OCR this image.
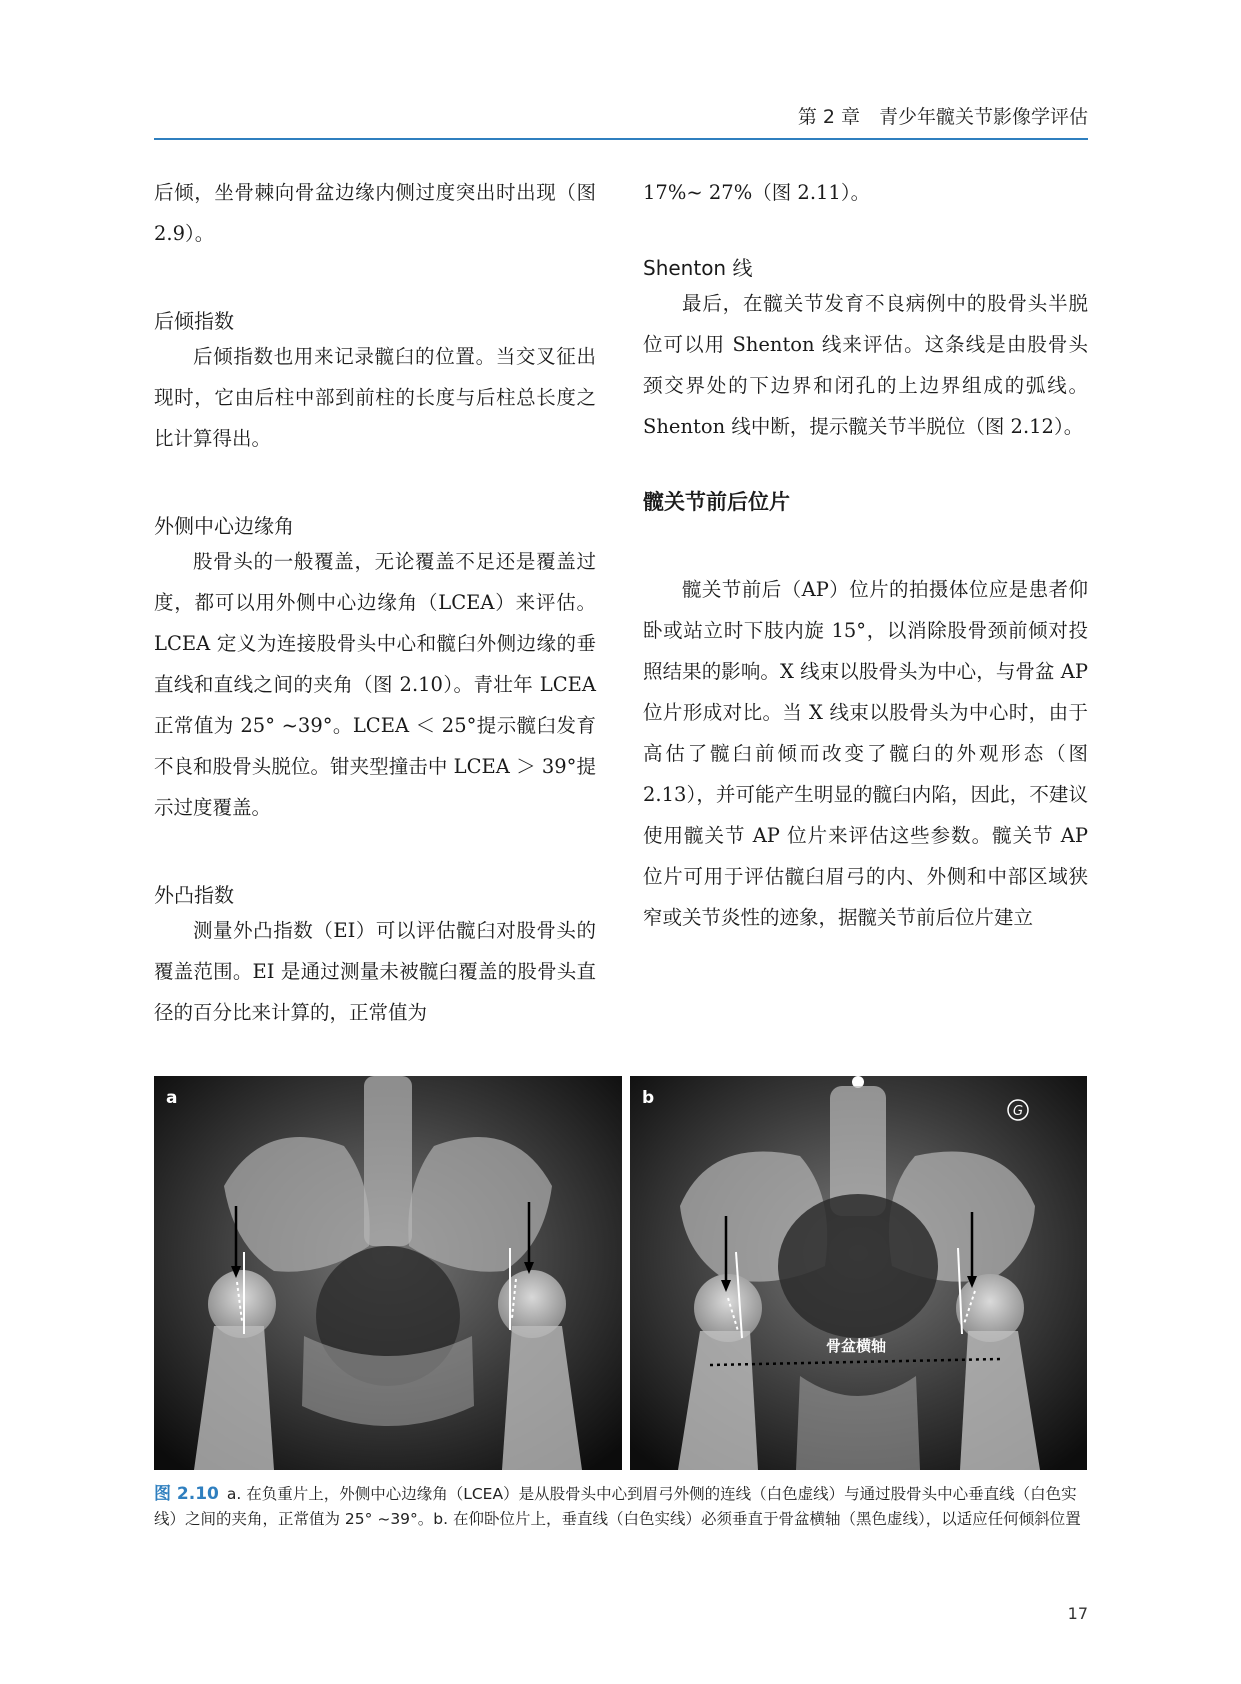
第 2 章　青少年髋关节影像学评估

后倾，坐骨棘向骨盆边缘内侧过度突出时出现（图 2.9）。

后倾指数

后倾指数也用来记录髋臼的位置。当交叉征出现时，它由后柱中部到前柱的长度与后柱总长度之比计算得出。

外侧中心边缘角

股骨头的一般覆盖，无论覆盖不足还是覆盖过度，都可以用外侧中心边缘角（LCEA）来评估。LCEA 定义为连接股骨头中心和髋臼外侧边缘的垂直线和直线之间的夹角（图 2.10）。青壮年 LCEA 正常值为 25° ~39°。LCEA ＜ 25°提示髋臼发育不良和股骨头脱位。钳夹型撞击中 LCEA ＞ 39°提示过度覆盖。

外凸指数

测量外凸指数（EI）可以评估髋臼对股骨头的覆盖范围。EI 是通过测量未被髋臼覆盖的股骨头直径的百分比来计算的，正常值为

17%~ 27%（图 2.11）。

Shenton 线

最后，在髋关节发育不良病例中的股骨头半脱位可以用 Shenton 线来评估。这条线是由股骨头颈交界处的下边界和闭孔的上边界组成的弧线。Shenton 线中断，提示髋关节半脱位（图 2.12）。

髋关节前后位片

髋关节前后（AP）位片的拍摄体位应是患者仰卧或站立时下肢内旋 15°，以消除股骨颈前倾对投照结果的影响。X 线束以股骨头为中心，与骨盆 AP 位片形成对比。当 X 线束以股骨头为中心时，由于高估了髋臼前倾而改变了髋臼的外观形态（图 2.13），并可能产生明显的髋臼内陷，因此，不建议使用髋关节 AP 位片来评估这些参数。髋关节 AP 位片可用于评估髋臼眉弓的内、外侧和中部区域狭窄或关节炎性的迹象，据髋关节前后位片建立

a
G
骨盆横轴
b
图 2.10 a. 在负重片上，外侧中心边缘角（LCEA）是从股骨头中心到眉弓外侧的连线（白色虚线）与通过股骨头中心垂直线（白色实线）之间的夹角，正常值为 25° ~39°。b. 在仰卧位片上，垂直线（白色实线）必须垂直于骨盆横轴（黑色虚线），以适应任何倾斜位置
17
